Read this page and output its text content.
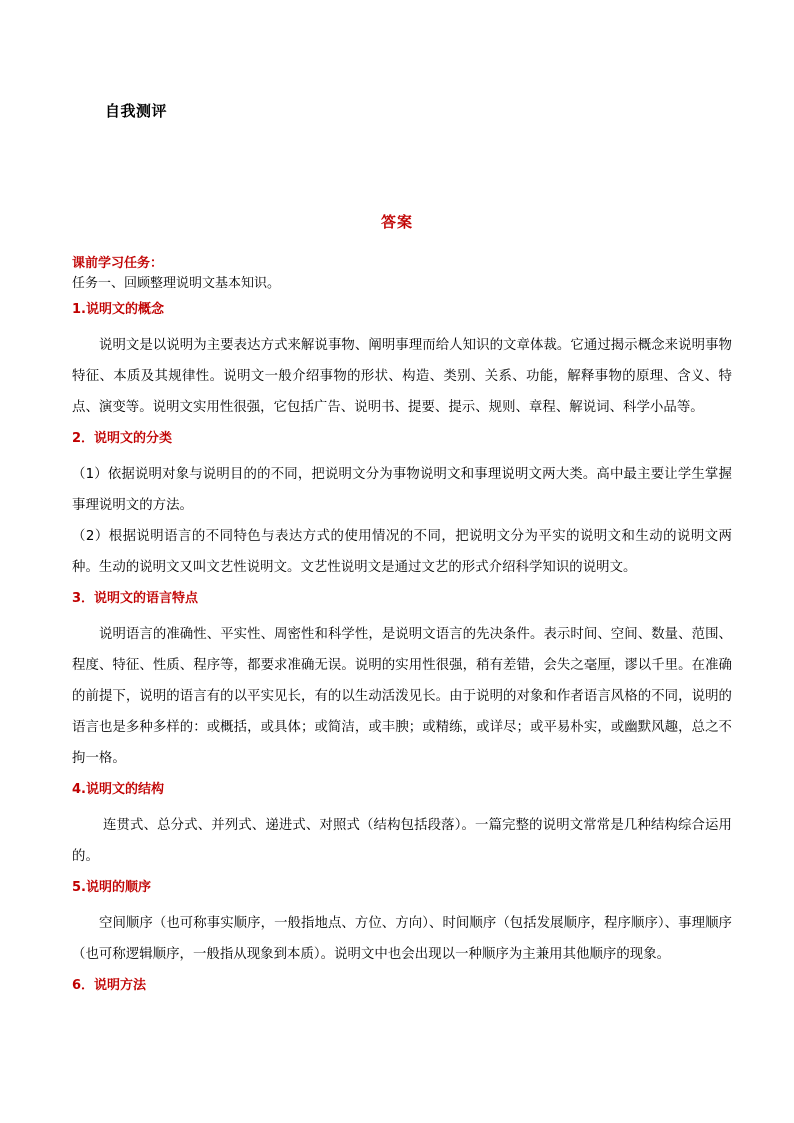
自我测评
答案
课前学习任务：
任务一、回顾整理说明文基本知识。
1.说明文的概念

说明文是以说明为主要表达方式来解说事物、阐明事理而给人知识的文章体裁。它通过揭示概念来说明事物特征、本质及其规律性。说明文一般介绍事物的形状、构造、类别、关系、功能，解释事物的原理、含义、特点、演变等。说明文实用性很强，它包括广告、说明书、提要、提示、规则、章程、解说词、科学小品等。

2．说明文的分类

（1）依据说明对象与说明目的的不同，把说明文分为事物说明文和事理说明文两大类。高中最主要让学生掌握事理说明文的方法。

（2）根据说明语言的不同特色与表达方式的使用情况的不同，把说明文分为平实的说明文和生动的说明文两种。生动的说明文又叫文艺性说明文。文艺性说明文是通过文艺的形式介绍科学知识的说明文。

3．说明文的语言特点

说明语言的准确性、平实性、周密性和科学性，是说明文语言的先决条件。表示时间、空间、数量、范围、程度、特征、性质、程序等，都要求准确无误。说明的实用性很强，稍有差错，会失之毫厘，谬以千里。在准确的前提下，说明的语言有的以平实见长，有的以生动活泼见长。由于说明的对象和作者语言风格的不同，说明的语言也是多种多样的：或概括，或具体；或简洁，或丰腴；或精练，或详尽；或平易朴实，或幽默风趣，总之不拘一格。

4.说明文的结构

连贯式、总分式、并列式、递进式、对照式（结构包括段落）。一篇完整的说明文常常是几种结构综合运用的。

5.说明的顺序

空间顺序（也可称事实顺序，一般指地点、方位、方向）、时间顺序（包括发展顺序，程序顺序）、事理顺序（也可称逻辑顺序，一般指从现象到本质）。说明文中也会出现以一种顺序为主兼用其他顺序的现象。

6．说明方法
